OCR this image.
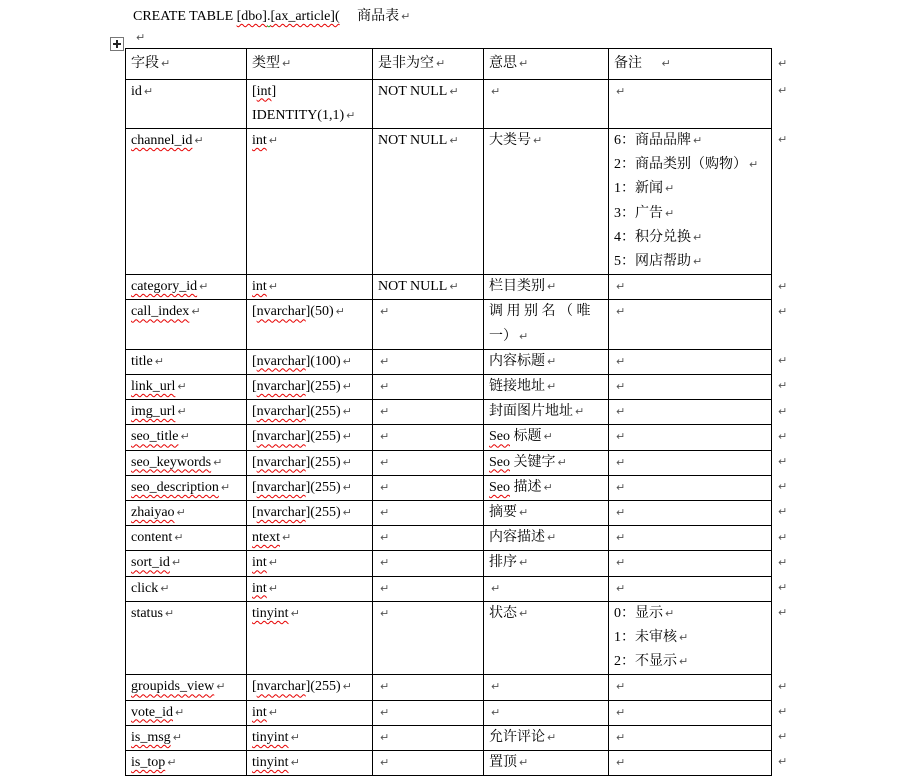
CREATE TABLE [dbo].[ax_article](　 商品表 ↵
↵
字段 ↵	类型 ↵	是非为空 ↵	意思 ↵	备注　 ↵	↵

id ↵	[int]
IDENTITY(1,1) ↵	NOT NULL ↵	↵	↵	↵

channel_id ↵	int ↵	NOT NULL ↵	大类号 ↵	6：商品品牌 ↵
2：商品类别（购物） ↵
1：新闻 ↵
3：广告 ↵
4：积分兑换 ↵
5：网店帮助 ↵
	↵

category_id ↵	int ↵	NOT NULL ↵	栏目类别 ↵	↵	↵

call_index ↵	[nvarchar](50) ↵	↵	调 用 别 名 （ 唯
一） ↵	↵	↵

title ↵	[nvarchar](100) ↵	↵	内容标题 ↵	↵	↵

link_url ↵	[nvarchar](255) ↵	↵	链接地址 ↵	↵	↵

img_url ↵	[nvarchar](255) ↵	↵	封面图片地址 ↵	↵	↵

seo_title ↵	[nvarchar](255) ↵	↵	Seo 标题 ↵	↵	↵

seo_keywords ↵	[nvarchar](255) ↵	↵	Seo 关键字 ↵	↵	↵

seo_description ↵	[nvarchar](255) ↵	↵	Seo 描述 ↵	↵	↵

zhaiyao ↵	[nvarchar](255) ↵	↵	摘要 ↵	↵	↵

content ↵	ntext ↵	↵	内容描述 ↵	↵	↵

sort_id ↵	int ↵	↵	排序 ↵	↵	↵

click ↵	int ↵	↵	↵	↵	↵

status ↵	tinyint ↵	↵	状态 ↵	0：显示 ↵
1：未审核 ↵
2：不显示 ↵	↵

groupids_view ↵	[nvarchar](255) ↵	↵	↵	↵	↵

vote_id ↵	int ↵	↵	↵	↵	↵

is_msg ↵	tinyint ↵	↵	允许评论 ↵	↵	↵

is_top ↵	tinyint ↵	↵	置顶 ↵	↵	↵
